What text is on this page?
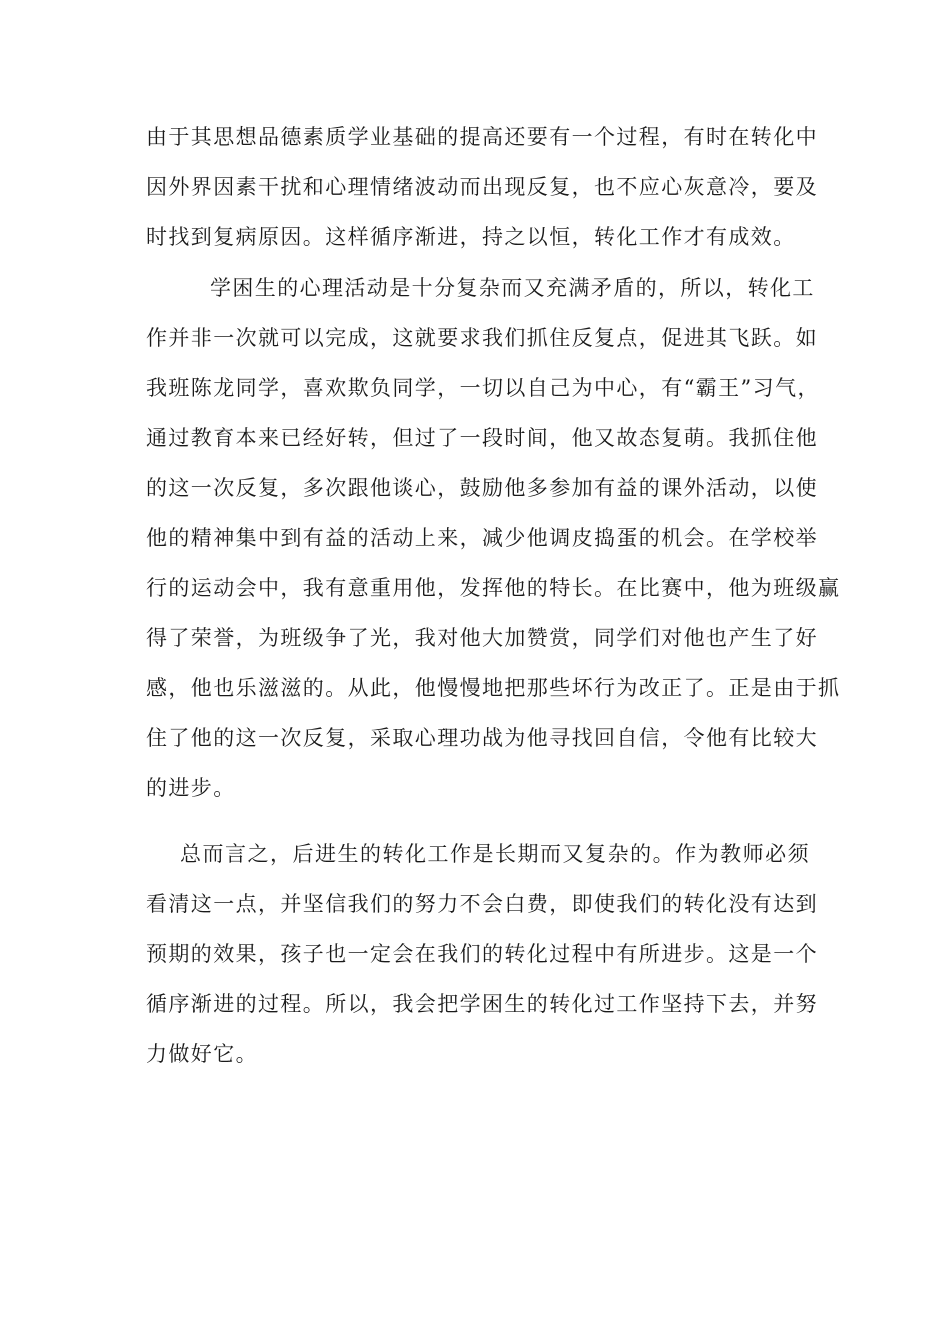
由于其思想品德素质学业基础的提高还要有一个过程，有时在转化中
因外界因素干扰和心理情绪波动而出现反复，也不应心灰意冷，要及
时找到复病原因。这样循序渐进，持之以恒，转化工作才有成效。
学困生的心理活动是十分复杂而又充满矛盾的，所以，转化工
作并非一次就可以完成，这就要求我们抓住反复点，促进其飞跃。如
我班陈龙同学，喜欢欺负同学，一切以自己为中心，有“霸王”习气，
通过教育本来已经好转，但过了一段时间，他又故态复萌。我抓住他
的这一次反复，多次跟他谈心，鼓励他多参加有益的课外活动，以使
他的精神集中到有益的活动上来，减少他调皮捣蛋的机会。在学校举
行的运动会中，我有意重用他，发挥他的特长。在比赛中，他为班级赢
得了荣誉，为班级争了光，我对他大加赞赏，同学们对他也产生了好
感，他也乐滋滋的。从此，他慢慢地把那些坏行为改正了。正是由于抓
住了他的这一次反复，采取心理功战为他寻找回自信，令他有比较大
的进步。
总而言之，后进生的转化工作是长期而又复杂的。作为教师必须
看清这一点，并坚信我们的努力不会白费，即使我们的转化没有达到
预期的效果，孩子也一定会在我们的转化过程中有所进步。这是一个
循序渐进的过程。所以，我会把学困生的转化过工作坚持下去，并努
力做好它。
